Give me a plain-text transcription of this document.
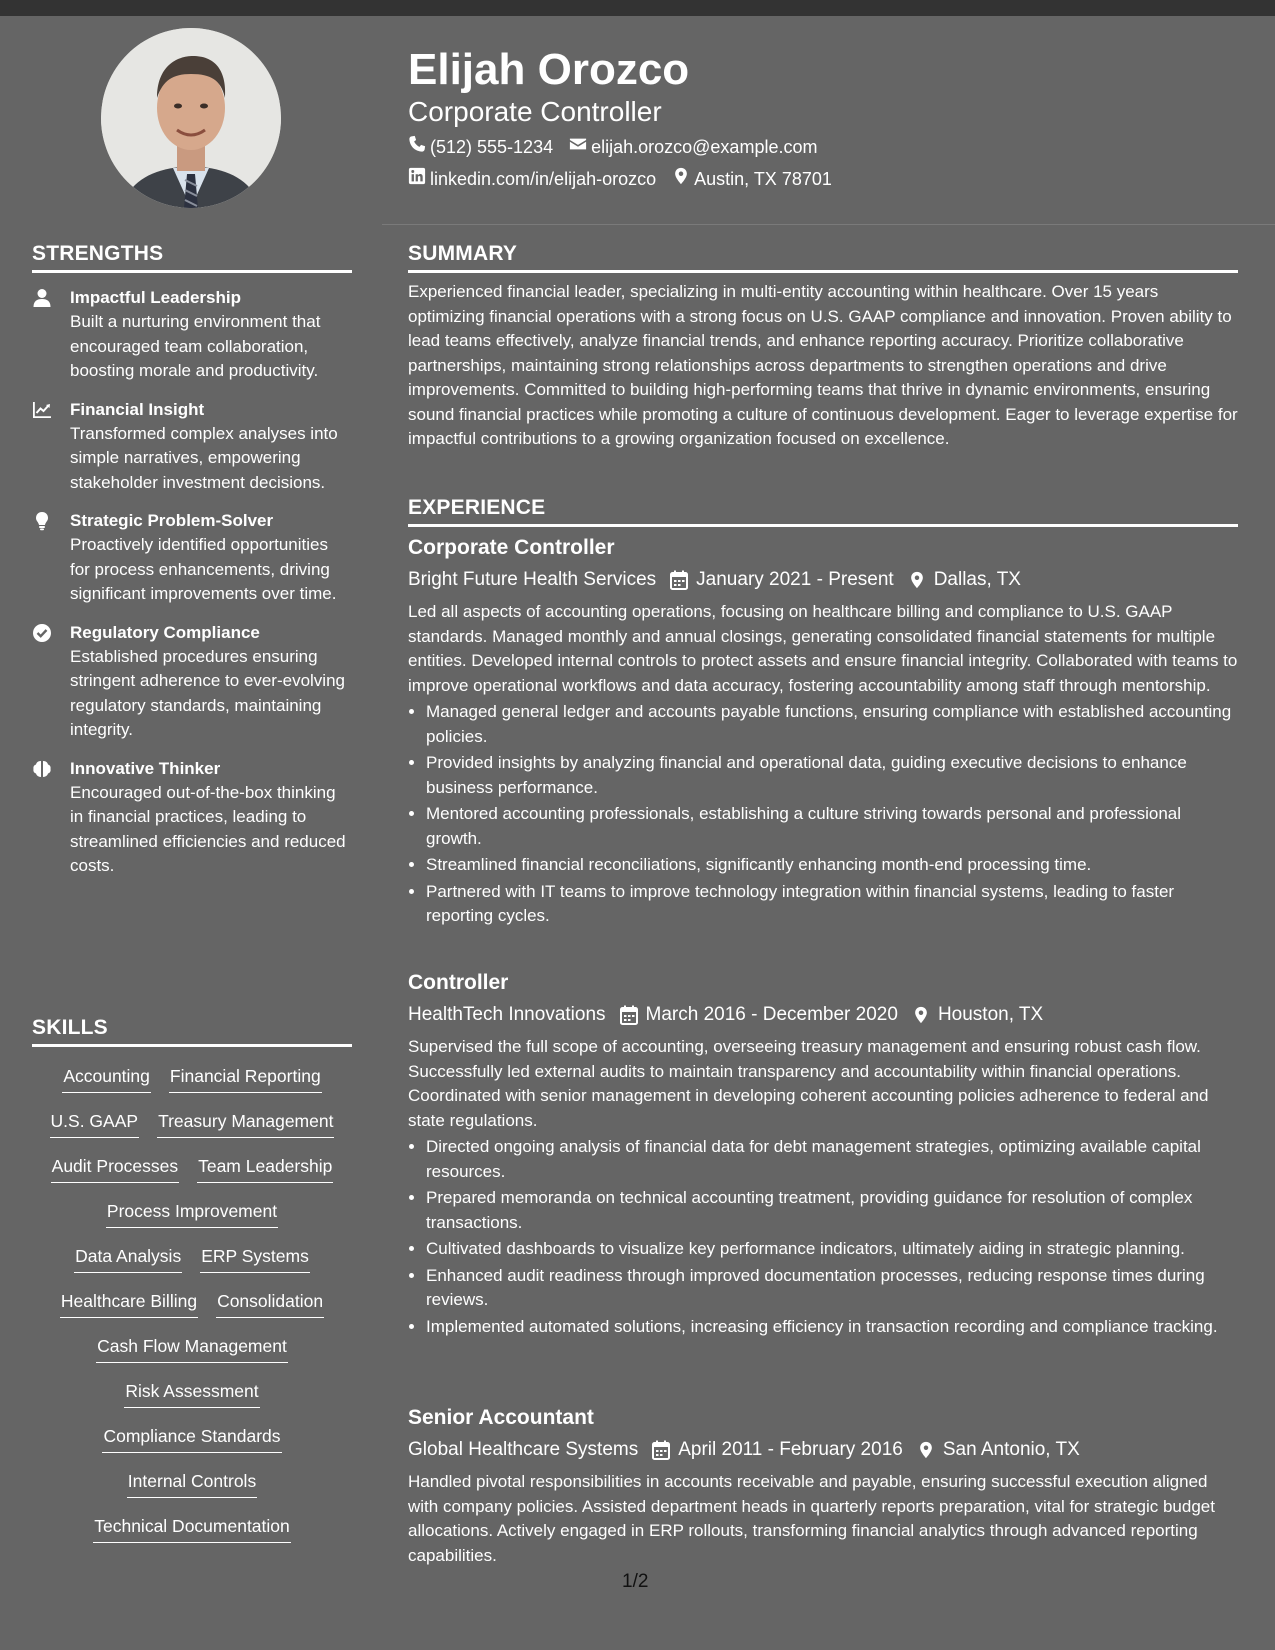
STRENGTHS
Impactful Leadership
Built a nurturing environment that encouraged team collaboration, boosting morale and productivity.
Financial Insight
Transformed complex analyses into simple narratives, empowering stakeholder investment decisions.
Strategic Problem-Solver
Proactively identified opportunities for process enhancements, driving significant improvements over time.
Regulatory Compliance
Established procedures ensuring stringent adherence to ever-evolving regulatory standards, maintaining integrity.
Innovative Thinker
Encouraged out-of-the-box thinking in financial practices, leading to streamlined efficiencies and reduced costs.
SKILLS
Accounting Financial Reporting
U.S. GAAP Treasury Management
Audit Processes Team Leadership
Process Improvement
Data Analysis ERP Systems
Healthcare Billing Consolidation
Cash Flow Management
Risk Assessment
Compliance Standards
Internal Controls
Technical Documentation
Elijah Orozco
Corporate Controller
(512) 555-1234 elijah.orozco@example.com
linkedin.com/in/elijah-orozco Austin, TX 78701
SUMMARY
Experienced financial leader, specializing in multi-entity accounting within healthcare. Over 15 years optimizing financial operations with a strong focus on U.S. GAAP compliance and innovation. Proven ability to lead teams effectively, analyze financial trends, and enhance reporting accuracy. Prioritize collaborative partnerships, maintaining strong relationships across departments to strengthen operations and drive improvements. Committed to building high-performing teams that thrive in dynamic environments, ensuring sound financial practices while promoting a culture of continuous development. Eager to leverage expertise for impactful contributions to a growing organization focused on excellence.
EXPERIENCE
Corporate Controller
Bright Future Health Services January 2021 - Present Dallas, TX
Led all aspects of accounting operations, focusing on healthcare billing and compliance to U.S. GAAP standards. Managed monthly and annual closings, generating consolidated financial statements for multiple entities. Developed internal controls to protect assets and ensure financial integrity. Collaborated with teams to improve operational workflows and data accuracy, fostering accountability among staff through mentorship.
• Managed general ledger and accounts payable functions, ensuring compliance with established accounting policies.
• Provided insights by analyzing financial and operational data, guiding executive decisions to enhance business performance.
• Mentored accounting professionals, establishing a culture striving towards personal and professional growth.
• Streamlined financial reconciliations, significantly enhancing month-end processing time.
• Partnered with IT teams to improve technology integration within financial systems, leading to faster reporting cycles.
Controller
HealthTech Innovations March 2016 - December 2020 Houston, TX
Supervised the full scope of accounting, overseeing treasury management and ensuring robust cash flow. Successfully led external audits to maintain transparency and accountability within financial operations. Coordinated with senior management in developing coherent accounting policies adherence to federal and state regulations.
• Directed ongoing analysis of financial data for debt management strategies, optimizing available capital resources.
• Prepared memoranda on technical accounting treatment, providing guidance for resolution of complex transactions.
• Cultivated dashboards to visualize key performance indicators, ultimately aiding in strategic planning.
• Enhanced audit readiness through improved documentation processes, reducing response times during reviews.
• Implemented automated solutions, increasing efficiency in transaction recording and compliance tracking.
Senior Accountant
Global Healthcare Systems April 2011 - February 2016 San Antonio, TX
Handled pivotal responsibilities in accounts receivable and payable, ensuring successful execution aligned with company policies. Assisted department heads in quarterly reports preparation, vital for strategic budget allocations. Actively engaged in ERP rollouts, transforming financial analytics through advanced reporting capabilities.
1/2
